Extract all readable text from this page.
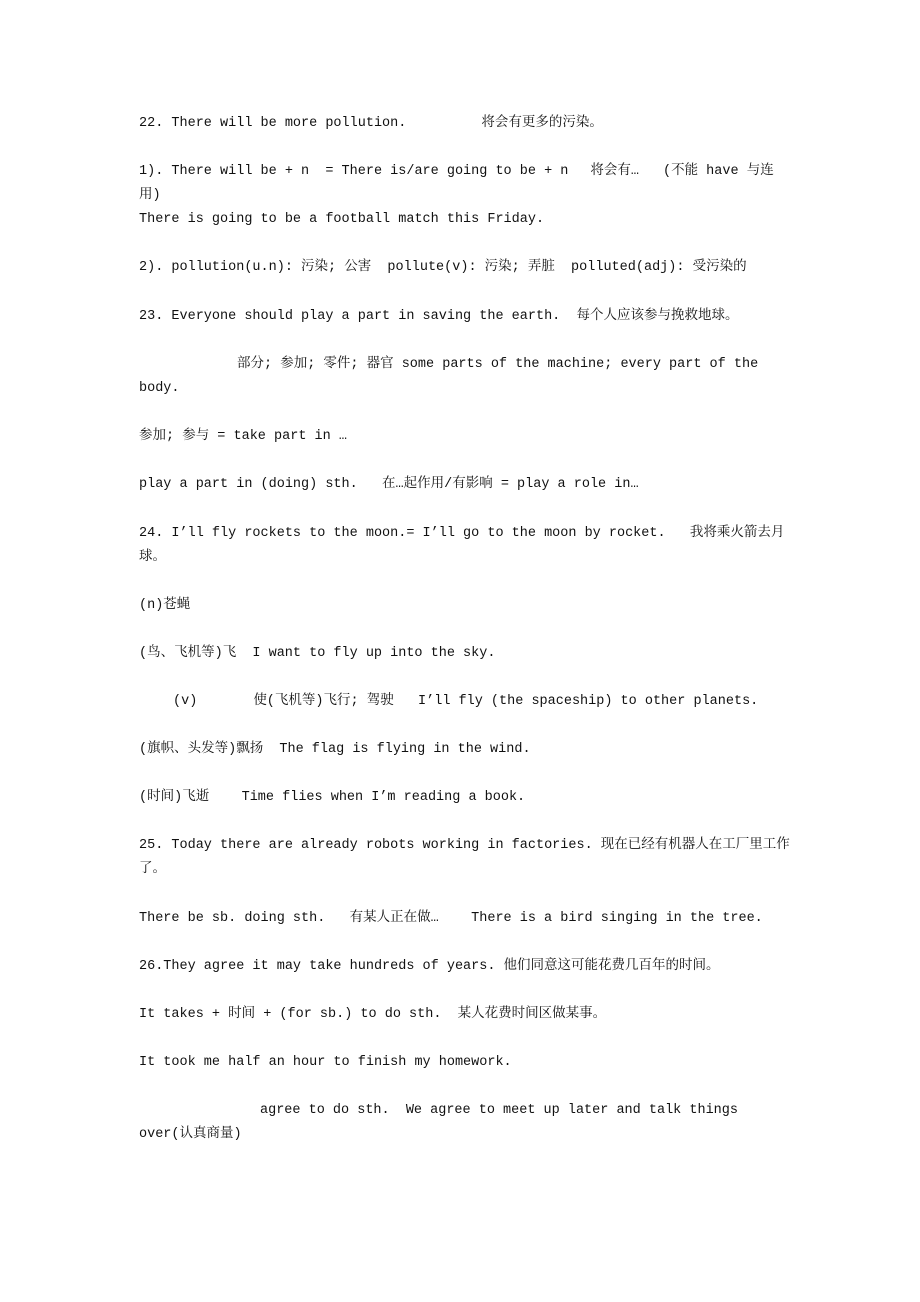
22. There will be more pollution.	将会有更多的污染。
1). There will be + n  = There is/are going to be + n 将会有… (不能 have 与连用)
There is going to be a football match this Friday.
2). pollution(u.n): 污染; 公害  pollute(v): 污染; 弄脏  polluted(adj): 受污染的
23. Everyone should play a part in saving the earth.  每个人应该参与挽救地球。
部分; 参加; 零件; 器官 some parts of the machine; every part of the body.
参加; 参与 = take part in …
play a part in (doing) sth.   在…起作用/有影响 = play a role in…
24. I’ll fly rockets to the moon.= I’ll go to the moon by rocket.   我将乘火箭去月球。
(n)苍蝇
(鸟、飞机等)飞  I want to fly up into the sky.
(v)	使(飞机等)飞行; 驾驶   I’ll fly (the spaceship) to other planets.
(旗帜、头发等)飘扬  The flag is flying in the wind.
(时间)飞逝    Time flies when I’m reading a book.
25. Today there are already robots working in factories. 现在已经有机器人在工厂里工作了。
There be sb. doing sth.   有某人正在做…    There is a bird singing in the tree.
26.They agree it may take hundreds of years. 他们同意这可能花费几百年的时间。
It takes + 时间 + (for sb.) to do sth.  某人花费时间区做某事。
It took me half an hour to finish my homework.
agree to do sth.  We agree to meet up later and talk things over(认真商量)
